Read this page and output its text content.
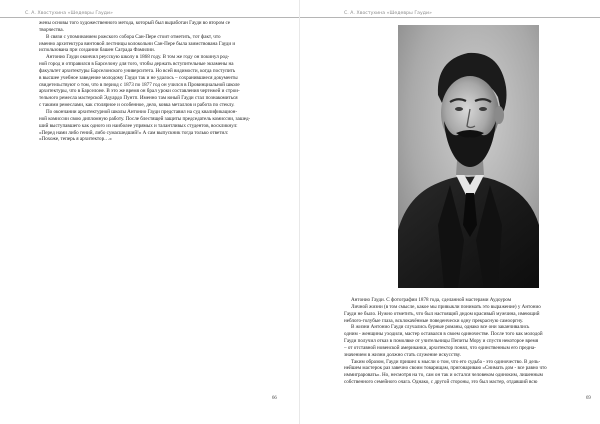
С. А. Хвостухина «Шедевры Гауди»
жены основы того художественного метода, который был выработан Гауди во втором се
творчества.
В связи с упоминанием рожского собора Сан-Пере стоит отметить, тот факт, что
именно архитектура винтовой лестницы колокольни Сан-Пере была заимствована Гауди и
использована при создании башен Саграда Фамилии.
Антонио Гауди окончил реусскую школу в 1868 году. В том же году он покинул род-
ной город и отправился в Барселону для того, чтобы держать вступительные экзамены на
факультет архитектуры Барселонского университета. Но всей видимости, когда поступить
в высшее учебное заведение молодому Гауди так и не удалось – сохранившиеся документы
свидетельствуют о том, что в период с 1873 по 1877 год он учился в Провинциальной школе
архитектуры, что в Барселоне. В это же время он брал уроки составления чертежей и строи-
тельного ремесла мастерской Эдуардо Пунтп. Именно там юный Гауди стал познакомиться
с такими ремеслами, как столярное и особенное, дело, ковка металлов и работа по стеклу.
По окончании архитектурной школы Антонио Гауди представил на суд квалификацион-
ной комиссии свою дипломную работу. После блестящей защиты председатель комиссии, зашед-
ший выступавшего как одного из наиболее упрямых и талантливых студентов, воскликнул:
«Перед нами либо гений, либо сумасшедший!» А сам выпускник тогда только ответил:
«Похоже, теперь я архитектор…»
66
С. А. Хвостухина «Шедевры Гауди»
Антонио Гауди. С фотографии 1878 года, сделанной мастерами Аудоуром
Личной жизни (в том смысле, какое мы привыкли понимать это выражение) у Антонио
Гауди не было. Нужно отметить, что был настоящий дндом красивый мужчина, имеющий
неблого-голубые глаза, всклокачёнмые поведенчески одну прекрасную самооргну.
В жизни Антонио Гауди случались бурные романы, однако все они заканчивались
одним - женщины уходили, мастер оставался в своем одиночестве. После того как молодой
Гауди получил отказ в помолвке от учительницы Пепиты Мору и спустя некоторое время
– от отставной новенской американки, архитектор понял, что единственным его предна-
значением в жизни должно стать служение искусству.
Таким образом, Гауди пришел к мысли о том, что его судьба - это одиночество. В дель-
нейшем мастерок раз завечно своим товарищам, приговариваю «Снимать дом - все равно что
иммиграровать». Но, несмотря на то, сам он так и остался человеком одиноким, лишенным
собственного семейного очага. Однако, с другой стороны, это был мастер, отдавший всю
69
